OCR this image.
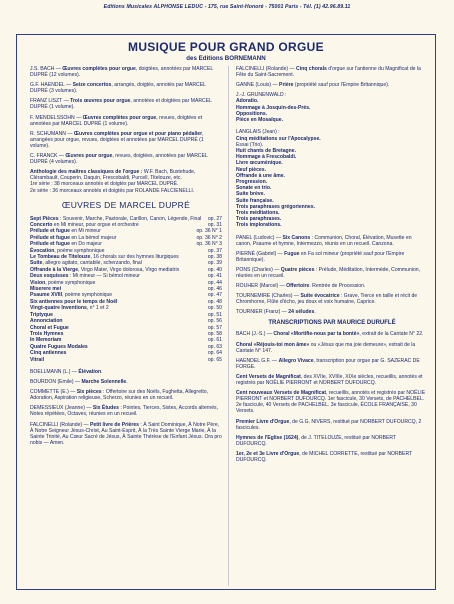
Editions Musicales ALPHONSE LEDUC - 175, rue Saint-Honoré - 75001 Paris - Tél. (1) 42.96.89.11
MUSIQUE POUR GRAND ORGUE
des Editions BORNEMANN
J.S. BACH — Œuvres complètes pour orgue, doigtées, annotées par MARCEL DUPRÉ (12 volumes).
G.F. HAENDEL — Seize concertos, arrangés, doigtés, annotés par MARCEL DUPRÉ (3 volumes).
FRANZ LISZT — Trois œuvres pour orgue, annotées et doigtées par MARCEL DUPRÉ (1 volume).
F. MENDELSSOHN — Œuvres complètes pour orgue, revues, doigtées et annotées par MARCEL DUPRÉ (1 volume).
R. SCHUMANN — Œuvres complètes pour orgue et pour piano pédalier, arrangées pour orgue, revues, doigtées et annotées par MARCEL DUPRÉ (1 volume).
C. FRANCK — Œuvres pour orgue, revues, doigtées, annotées par MARCEL DUPRÉ (4 volumes).
Anthologie des maîtres classiques de l'orgue : W.F. Bach, Buxtehude, Clérambault, Couperin, Daquin, Frescobaldi, Purcell, Titelouze, etc.
1re série : 38 morceaux annotés et doigtés par MARCEL DUPRÉ.
2e série : 36 morceaux annotés et doigtés par ROLANDE FALCIENELLI.
ŒUVRES DE MARCEL DUPRÉ
Sept Pièces : Souvenir, Marche, Pastorale, Carillon, Canon, Légende, Final	op. 27
Concerto en Mi mineur, pour orgue et orchestre	op. 31
Prélude et fugue en Mi mineur	op. 36 N° 1
Prélude et fugue en La bémol majeur	op. 36 N° 2
Prélude et fugue en Do majeur	op. 36 N° 3
Évocation, poème symphonique	op. 37
Le Tombeau de Titelouze, 16 chorals sur des hymnes liturgiques	op. 38
Suite, allegro agitato, cantabile, scherzando, final	op. 39
Offrande à la Vierge, Virgo Mater, Virgo dolorosa, Virgo mediatrix	op. 40
Deux esquisses : Mi mineur — Si bémol mineur	op. 41
Vision, poème symphonique	op. 44
Miserere mei	op. 46
Psaume XVIII, poème symphonique	op. 47
Six antiennes pour le temps de Noël	op. 48
Vingt-quatre Inventions, n° 1 et 2	op. 50
Triptyque	op. 51
Annonciation	op. 56
Choral et Fugue	op. 57
Trois Hymnes	op. 58
In Memoriam	op. 61
Quatre Fugues Modales	op. 63
Cinq antiennes	op. 64
Vitrail	op. 65
BOELLMANN (L.) — Élévation.
BOURDON (Emile) — Marche Solennelle.
COMMETTE (E.) — Six pièces : Offertoire sur des Noëls, Fughetta, Allegretto, Adoration, Aspiration religieuse, Scherzo, réunies en un recueil.
DEMESSIEUX (Jeanne) — Six Études : Pointes, Tierces, Sixtes, Accords alternés, Notes répétées, Octaves, réunies en un recueil.
FALCINELLI (Rolande) — Petit livre de Prières : À Saint Dominique, À Notre Père, À Notre Seigneur Jésus-Christ, Au Saint-Esprit, À la Très Sainte Vierge Marie, À la Sainte Trinité, Au Cœur Sacré de Jésus, À Sainte Thérèse de l'Enfant Jésus. Ora pro nobis — Amen.
FALCINELLI (Rolande) — Cinq chorals d'orgue sur l'antienne du Magnificat de la Fête du Saint-Sacrement.
GANNE (Louis) — Prière (propriété sauf pour l'Empire Britannique).
J.-J. GRUNENWALD :
Adoratio.
Hommage à Josquin-des-Prés.
Oppositions.
Pièce en Mosaïque.
LANGLAIS (Jean) :
Cinq méditations sur l'Apocalypse.
Essai (Trio).
Huit chants de Bretagne.
Hommage à Frescobaldi.
Livre œcuménique.
Neuf pièces.
Offrande à une âme.
Progression.
Sonate en trio.
Suite brève.
Suite française.
Trois paraphrases grégoriennes.
Trois méditations.
Trois paraphrases.
Trois implorations.
PANEL (Ludovic) — Six Canons : Communion, Choral, Élévation, Musette en canon, Psaume et hymne, Intermezzo, réunis en un recueil. Canzona.
PIERNÉ (Gabriel) — Fugue en Fa sol mineur (propriété sauf pour l'Empire Britannique).
PONS (Charles) — Quatre pièces : Prélude, Méditation, Intermède, Communion, réunies en un recueil.
ROUHER (Marcel) — Offertoire. Rentrée de Procession.
TOURNEMIRE (Charles) — Suite évocatrice : Grave, Tierce en taille et récit de Chromhorne, Flûte d'écho, jeu doux et voix humaine, Caprice.
TOURNIER (Franz) — 24 séludes.
TRANSCRIPTIONS PAR MAURICE DURUFLÉ
BACH (J.-S.) — Choral «Mortifie-nous par ta bonté», extrait de la Cantate N° 22.
Choral «Réjouis-toi mon âme» ou «Jésus que ma joie demeure», extrait de la Cantate N° 147.
HAENDEL G.F. — Allegro Vivace, transcription pour orgue par G. SAZERAC DE FORGE.
Cent Versets de Magnificat, des XVIIe, XVIIIe, XIXe siècles, recueillis, annotés et registrés par NOËLIE PIERRONT et NORBERT DUFOURCQ.
Cent nouveaux Versets de Magnificat, recueillis, annotés et registrés par NOËLIE PIERRONT et NORBERT DUFOURCQ. 1er fascicule, 30 Versets, de PACHELBEL. 2e fascicule, 40 Versets de PACHELBEL. 3e fascicule, ÉCOLE FRANÇAISE, 30 Versets.
Premier Livre d'Orgue, de G.G. NIVERS, restitué par NORBERT DUFOURCQ, 2 fascicules.
Hymnes de l'Eglise (1624), de J. TITELOUZE, restitué par NORBERT DUFOURCQ.
1er, 2e et 3e Livre d'Orgue, de MICHEL CORRETTE, restitué par NORBERT DUFOURCQ.
